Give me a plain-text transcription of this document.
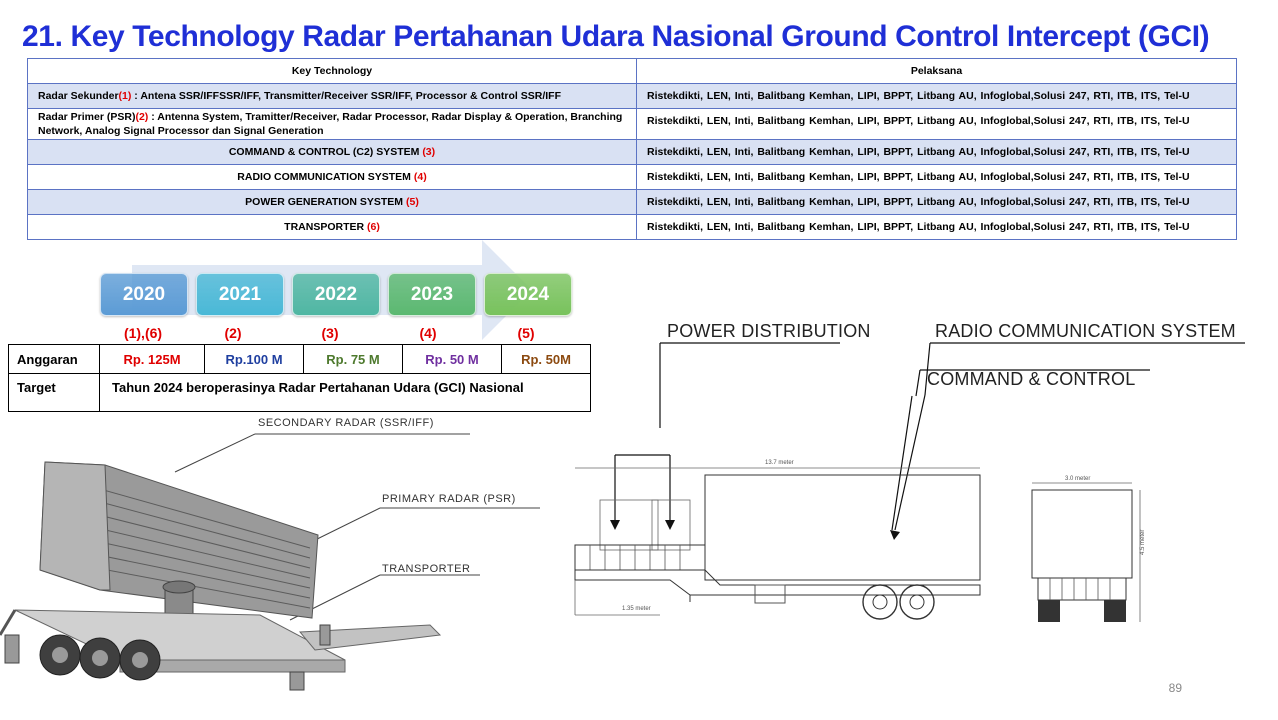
21. Key Technology Radar Pertahanan Udara Nasional Ground Control Intercept (GCI)
Key Technology	Pelaksana
Radar Sekunder(1) : Antena SSR/IFFSSR/IFF, Transmitter/Receiver SSR/IFF, Processor & Control SSR/IFF	Ristekdikti, LEN, Inti, Balitbang Kemhan, LIPI, BPPT, Litbang AU, Infoglobal,Solusi 247, RTI, ITB, ITS, Tel-U
Radar Primer (PSR)(2) : Antenna System, Tramitter/Receiver, Radar Processor, Radar Display & Operation, Branching Network, Analog Signal Processor dan Signal Generation	Ristekdikti, LEN, Inti, Balitbang Kemhan, LIPI, BPPT, Litbang AU, Infoglobal,Solusi 247, RTI, ITB, ITS, Tel-U
COMMAND & CONTROL (C2) SYSTEM (3)	Ristekdikti, LEN, Inti, Balitbang Kemhan, LIPI, BPPT, Litbang AU, Infoglobal,Solusi 247, RTI, ITB, ITS, Tel-U
RADIO COMMUNICATION SYSTEM (4)	Ristekdikti, LEN, Inti, Balitbang Kemhan, LIPI, BPPT, Litbang AU, Infoglobal,Solusi 247, RTI, ITB, ITS, Tel-U
POWER GENERATION SYSTEM (5)	Ristekdikti, LEN, Inti, Balitbang Kemhan, LIPI, BPPT, Litbang AU, Infoglobal,Solusi 247, RTI, ITB, ITS, Tel-U
TRANSPORTER (6)	Ristekdikti, LEN, Inti, Balitbang Kemhan, LIPI, BPPT, Litbang AU, Infoglobal,Solusi 247, RTI, ITB, ITS, Tel-U
2020	2021	2022	2023	2024
(1),(6)	(2)	(3)	(4)	(5)
Anggaran	Rp. 125M	Rp.100 M	Rp. 75 M	Rp. 50 M	Rp. 50M
Target	Tahun 2024 beroperasinya Radar Pertahanan Udara (GCI) Nasional				
SECONDARY RADAR (SSR/IFF)
PRIMARY RADAR (PSR)
TRANSPORTER
POWER DISTRIBUTION	RADIO COMMUNICATION SYSTEM
COMMAND & CONTROL
13.7 meter
1.35 meter
3.0 meter
4.5 meter
89
